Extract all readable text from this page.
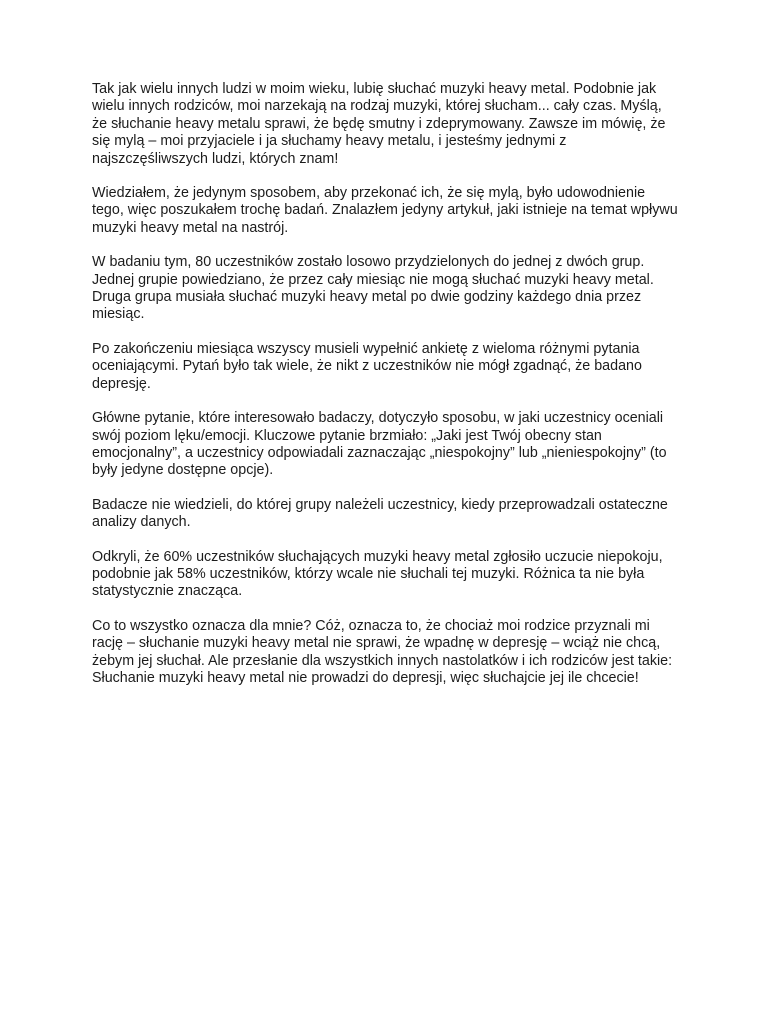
Tak jak wielu innych ludzi w moim wieku, lubię słuchać muzyki heavy metal. Podobnie jak
wielu innych rodziców, moi narzekają na rodzaj muzyki, której słucham... cały czas. Myślą,
że słuchanie heavy metalu sprawi, że będę smutny i zdeprymowany. Zawsze im mówię, że
się mylą – moi przyjaciele i ja słuchamy heavy metalu, i jesteśmy jednymi z
najszczęśliwszych ludzi, których znam!

Wiedziałem, że jedynym sposobem, aby przekonać ich, że się mylą, było udowodnienie
tego, więc poszukałem trochę badań. Znalazłem jedyny artykuł, jaki istnieje na temat wpływu
muzyki heavy metal na nastrój.

W badaniu tym, 80 uczestników zostało losowo przydzielonych do jednej z dwóch grup.
Jednej grupie powiedziano, że przez cały miesiąc nie mogą słuchać muzyki heavy metal.
Druga grupa musiała słuchać muzyki heavy metal po dwie godziny każdego dnia przez
miesiąc.

Po zakończeniu miesiąca wszyscy musieli wypełnić ankietę z wieloma różnymi pytania
oceniającymi. Pytań było tak wiele, że nikt z uczestników nie mógł zgadnąć, że badano
depresję.

Główne pytanie, które interesowało badaczy, dotyczyło sposobu, w jaki uczestnicy oceniali
swój poziom lęku/emocji. Kluczowe pytanie brzmiało: „Jaki jest Twój obecny stan
emocjonalny”, a uczestnicy odpowiadali zaznaczając „niespokojny” lub „nieniespokojny” (to
były jedyne dostępne opcje).

Badacze nie wiedzieli, do której grupy należeli uczestnicy, kiedy przeprowadzali ostateczne
analizy danych.

Odkryli, że 60% uczestników słuchających muzyki heavy metal zgłosiło uczucie niepokoju,
podobnie jak 58% uczestników, którzy wcale nie słuchali tej muzyki. Różnica ta nie była
statystycznie znacząca.

Co to wszystko oznacza dla mnie? Cóż, oznacza to, że chociaż moi rodzice przyznali mi
rację – słuchanie muzyki heavy metal nie sprawi, że wpadnę w depresję – wciąż nie chcą,
żebym jej słuchał. Ale przesłanie dla wszystkich innych nastolatków i ich rodziców jest takie:
Słuchanie muzyki heavy metal nie prowadzi do depresji, więc słuchajcie jej ile chcecie!
